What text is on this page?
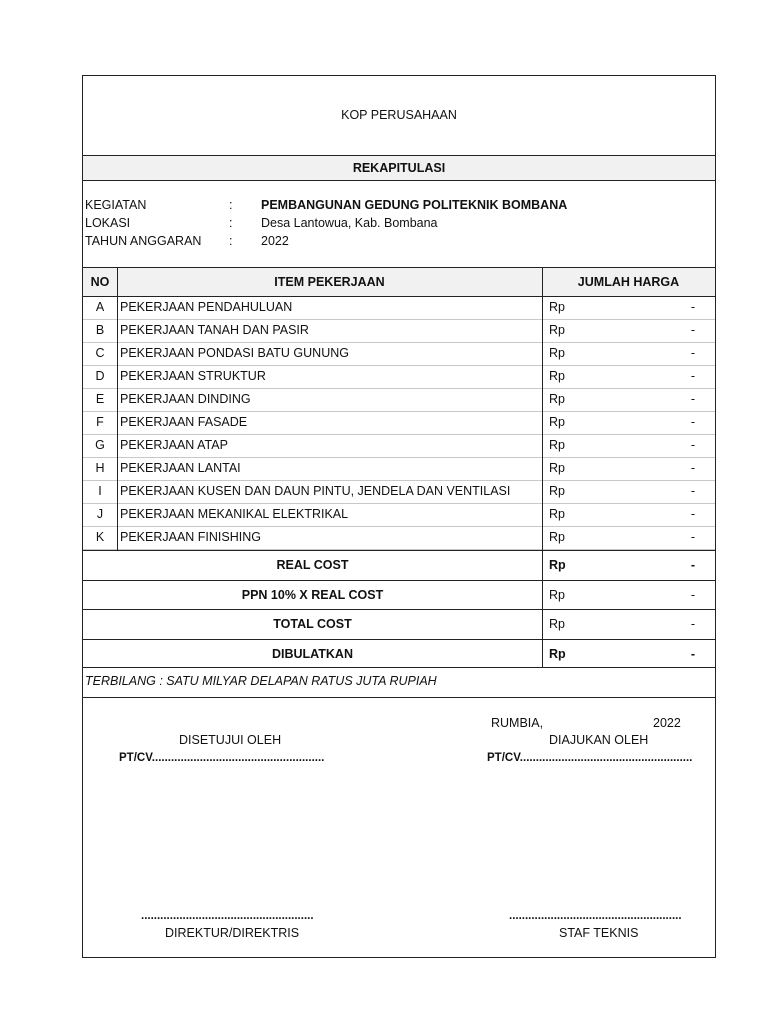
KOP PERUSAHAAN
REKAPITULASI
KEGIATAN	: PEMBANGUNAN GEDUNG POLITEKNIK BOMBANA
LOKASI	: Desa Lantowua, Kab. Bombana
TAHUN ANGGARAN	: 2022
NO	ITEM PEKERJAAN	JUMLAH HARGA
A	PEKERJAAN PENDAHULUAN	Rp	-
B	PEKERJAAN TANAH DAN PASIR	Rp	-
C	PEKERJAAN PONDASI BATU GUNUNG	Rp	-
D	PEKERJAAN STRUKTUR	Rp	-
E	PEKERJAAN DINDING	Rp	-
F	PEKERJAAN FASADE	Rp	-
G	PEKERJAAN ATAP	Rp	-
H	PEKERJAAN LANTAI	Rp	-
I	PEKERJAAN KUSEN DAN DAUN PINTU, JENDELA DAN VENTILASI	Rp	-
J	PEKERJAAN MEKANIKAL ELEKTRIKAL	Rp	-
K	PEKERJAAN FINISHING	Rp	-
REAL COST	Rp	-
PPN 10% X REAL COST	Rp	-
TOTAL COST	Rp	-
DIBULATKAN	Rp	-
TERBILANG : SATU MILYAR DELAPAN RATUS JUTA RUPIAH
RUMBIA,	2022
DISETUJUI OLEH	DIAJUKAN OLEH
PT/CV......................................................	PT/CV......................................................
......................................................	......................................................
DIREKTUR/DIREKTRIS	STAF TEKNIS
